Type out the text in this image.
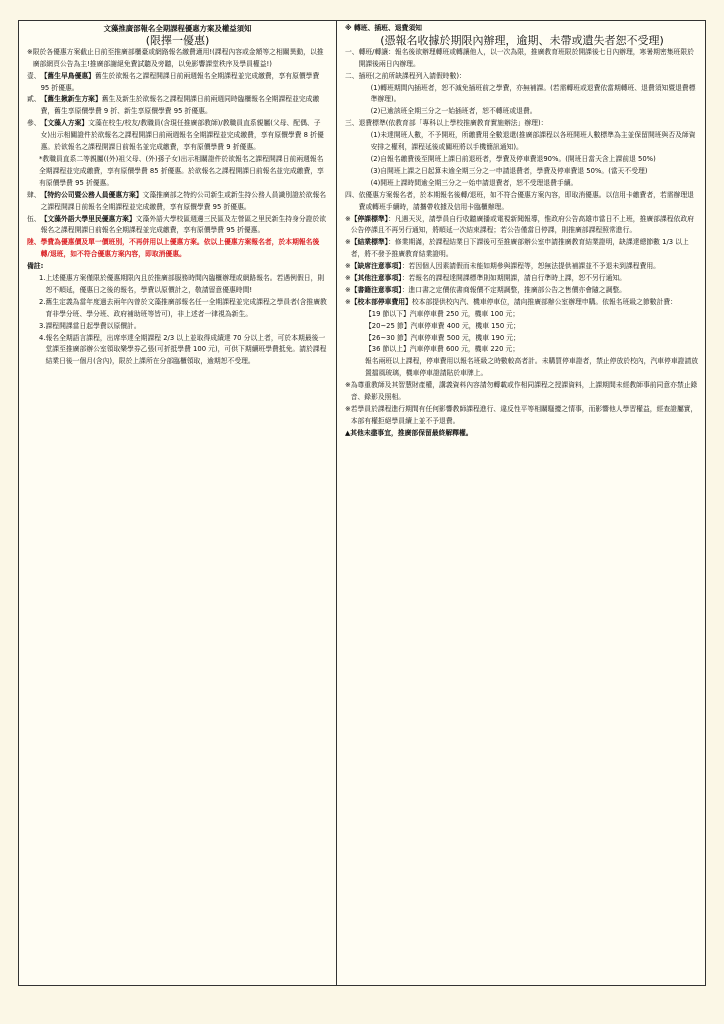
文藻推廣部報名全期課程優惠方案及權益須知
(限擇一優惠)
※ 限於各優惠方案截止日前至推廣部櫃臺或網路報名繳費適用!(課程內容或金額等之相關異動，以推廣部網頁公告為主!推廣部謝絕免費試聽及旁聽，以免影響課堂秩序及學員權益!)
壹、 【舊生早鳥優惠】舊生於欲報名之課程開課日前兩週報名全期課程並完成繳費，享有原價學費 95 折優惠。
貳、 【舊生揪新生方案】舊生及新生於欲報名之課程開課日前兩週同時臨櫃報名全期課程並完成繳費，舊生享原價學費 9 折、新生享原價學費 95 折優惠。
參、 【文藻人方案】文藻在校生/校友/教職員(含現任推廣部教師)/教職員直系親屬(父母、配偶、子女)出示相關證件於欲報名之課程開課日前兩週報名全期課程並完成繳費，享有原價學費 8 折優惠。於欲報名之課程開課日前報名並完成繳費，享有原價學費 9 折優惠。
*教職員直系二等親屬((外)祖父母、(外)孫子女)出示相關證件於欲報名之課程開課日前兩週報名全期課程並完成繳費，享有原價學費 85 折優惠。於欲報名之課程開課日前報名並完成繳費，享有原價學費 95 折優惠。
肆、 【特約公司暨公務人員優惠方案】文藻推廣部之特約公司新生或新生持公務人員識別證於欲報名之課程開課日前報名全期課程並完成繳費，享有原價學費 95 折優惠。
伍、 【文藻外語大學里民優惠方案】文藻外語大學校區週邊三民區及左營區之里民新生持身分證於欲報名之課程開課日前報名全期課程並完成繳費，享有原價學費 95 折優惠。
陸、 學費為優惠價及單一價班別，不再併用以上優惠方案。依以上優惠方案報名者，於本期報名後轉/退班，如不符合優惠方案內容，即取消優惠。
備註:
1. 上述優惠方案僅限於優惠期限內且於推廣部服務時間內臨櫃辦理或網路報名。若遇例假日，則恕不順延，優惠日之後的報名，學費以原價計之，敬請留意優惠時間!
2. 舊生定義為當年度過去兩年內曾於文藻推廣部報名任一全期課程並完成課程之學員者(含推廣教育非學分班、學分班、政府補助班等皆可)，非上述者一律視為新生。
3. 課程開課當日起學費以原價計。
4. 報名全期語言課程，出席率達全期課程 2/3 以上並取得成績達 70 分以上者，可於本期最後一堂課至推廣部辦公室領取樂學券乙張(可折抵學費 100 元)，可供下期續班學費抵免。請於課程結業日後一個月(含內)，限於上課所在分部臨櫃領取，逾期恕不受理。
※ 轉班、插班、退費須知
(憑報名收據於期限內辦理，逾期、未帶或遺失者恕不受理)
一、 轉班/轉讓：報名後欲辦理轉班或轉讓他人，以一次為限，推廣教育班限於開課後七日內辦理，寒暑期密集班限於開課後兩日內辦理。
二、 插班(之前所缺課程列入請假時數)：
(1)轉班期間內插班者，恕不減免插班前之學費，亦無補課。(若需轉班或退費依當期轉班、退費須知暨退費標準辦理)。
(2)已逾該班全期三分之一始插班者，恕不轉班或退費。
三、 退費標準(依教育部「專科以上學校推廣教育實施辦法」辦理)：
(1)未達開班人數，不予開班，所繳費用全數退還(推廣部課程以各班開班人數標準為主並保留開班與否及師資安排之權利，課程延後或關班將以手機簡訊通知)。
(2)自報名繳費後至開班上課日前退班者，學費及停車費退90%。(開班日當天含上課前退 50%)
(3)自開班上課之日起算未逾全期三分之一申請退費者，學費及停車費退 50%。(當天不受理)
(4)開班上課時間逾全期三分之一始申請退費者，恕不受理退費手續。
四、 依優惠方案報名者，於本期報名後轉/退班，如不符合優惠方案內容，即取消優惠。以信用卡繳費者，若需辦理退費或轉班手續時，請攜帶收據及信用卡臨櫃辦理。
※ 【停課標準】：凡遇天災，請學員自行收聽廣播或電視新聞報導，惟政府公告高雄市當日不上班，推廣部課程依政府公告停課且不再另行通知，將順延一次結束課程；若公告僅當日停課，則推廣部課程照常進行。
※ 【結業標準】：修業期滿，於課程結業日下課後可至推廣部辦公室申請推廣教育結業證明，缺課達總節數 1/3 以上者，將不發予推廣教育結業證明。
※ 【缺席注意事項】：若因個人因素請假而未能如期參與課程等，恕無法提供補課並不予退未到課程費用。
※ 【其他注意事項】：若報名的課程達開課標準則如期開課，請自行準時上課，恕不另行通知。
※ 【書籍注意事項】：進口書之定價依書商報價不定期調整，推廣部公告之售價亦會隨之調整。
※ 【校本部停車費用】校本部提供校內汽、機車停車位，請向推廣部辦公室辦理申購。依報名班級之節數計費：
【19 節以下】汽車停車費 250 元，機車 100 元；
【20~25 節】汽車停車費 400 元，機車 150 元；
【26~30 節】汽車停車費 500 元，機車 190 元；
【36 節以上】汽車停車費 600 元，機車 220 元；
報名兩班以上課程，停車費用以報名班級之時數較高者計。未購買停車證者，禁止停放於校內，汽車停車證請放置擋風玻璃，機車停車證請貼於車牌上。
※ 為尊重教師及其智慧財產權，講義資料內容請勿轉載或作相同課程之授課資料，上課期間未經教師事前同意亦禁止錄音、錄影及照相。
※ 若學員於課程進行期間有任何影響教師課程進行、違反性平等相關騷擾之情事，而影響他人學習權益，經查證屬實，本部有權拒絕學員續上並不予退費。
▲其他未盡事宜，推廣部保留最終解釋權。
